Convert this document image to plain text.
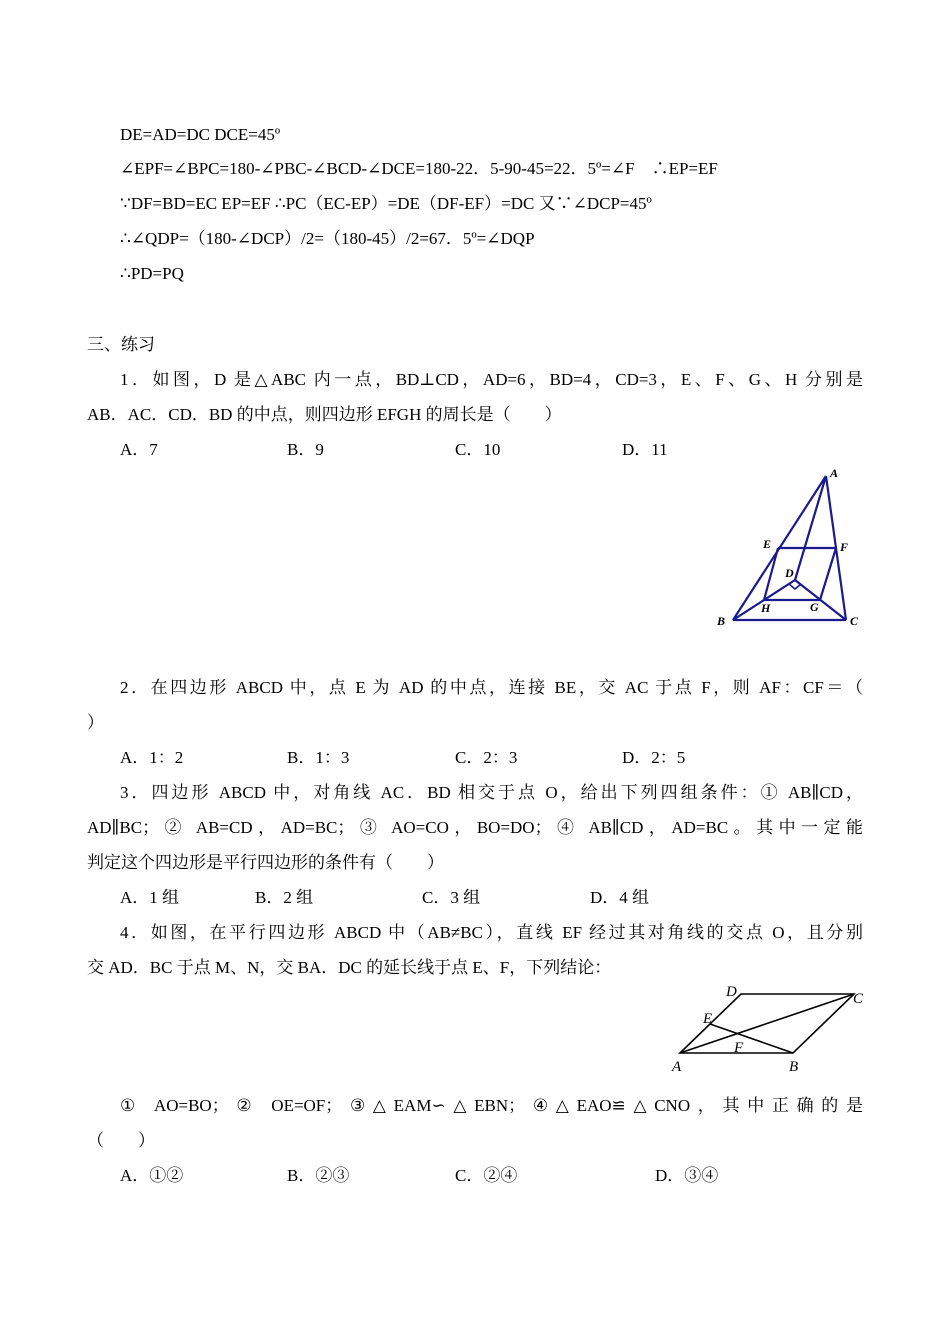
DE=AD=DC DCE=45º
∠EPF=∠BPC=180-∠PBC-∠BCD-∠DCE=180-22．5-90-45=22．5º=∠F　∴EP=EF
∵DF=BD=EC EP=EF ∴PC（EC-EP）=DE（DF-EF）=DC 又∵∠DCP=45º
∴∠QDP=（180-∠DCP）/2=（180-45）/2=67．5º=∠DQP
∴PD=PQ
三、练习
1．如图，D 是△ABC 内一点，BD⊥CD，AD=6，BD=4，CD=3，E、F、G、H 分别是
AB．AC．CD．BD 的中点，则四边形 EFGH 的周长是（　　）
A．7	B．9	C．10	D．11
A
E	F
D
H	G
B	C
2．在四边形 ABCD 中，点 E 为 AD 的中点，连接 BE，交 AC 于点 F，则 AF：CF＝（
）
A．1：2	B．1：3	C．2：3	D．2：5
3．四边形 ABCD 中，对角线 AC．BD 相交于点 O，给出下列四组条件：① AB∥CD，
AD∥BC；② AB=CD，AD=BC；③ AO=CO，BO=DO；④ AB∥CD，AD=BC。其中一定能
判定这个四边形是平行四边形的条件有（　　）
A．1 组	B．2 组	C．3 组	D．4 组
4．如图，在平行四边形 ABCD 中（AB≠BC），直线 EF 经过其对角线的交点 O，且分别
交 AD．BC 于点 M、N，交 BA．DC 的延长线于点 E、F，下列结论：
D	C
E
F
A	B
① AO=BO；② OE=OF；③△EAM∽△EBN；④△EAO≌△CNO，其中正确的是
（　　）
A．①②	B．②③	C．②④	D．③④
